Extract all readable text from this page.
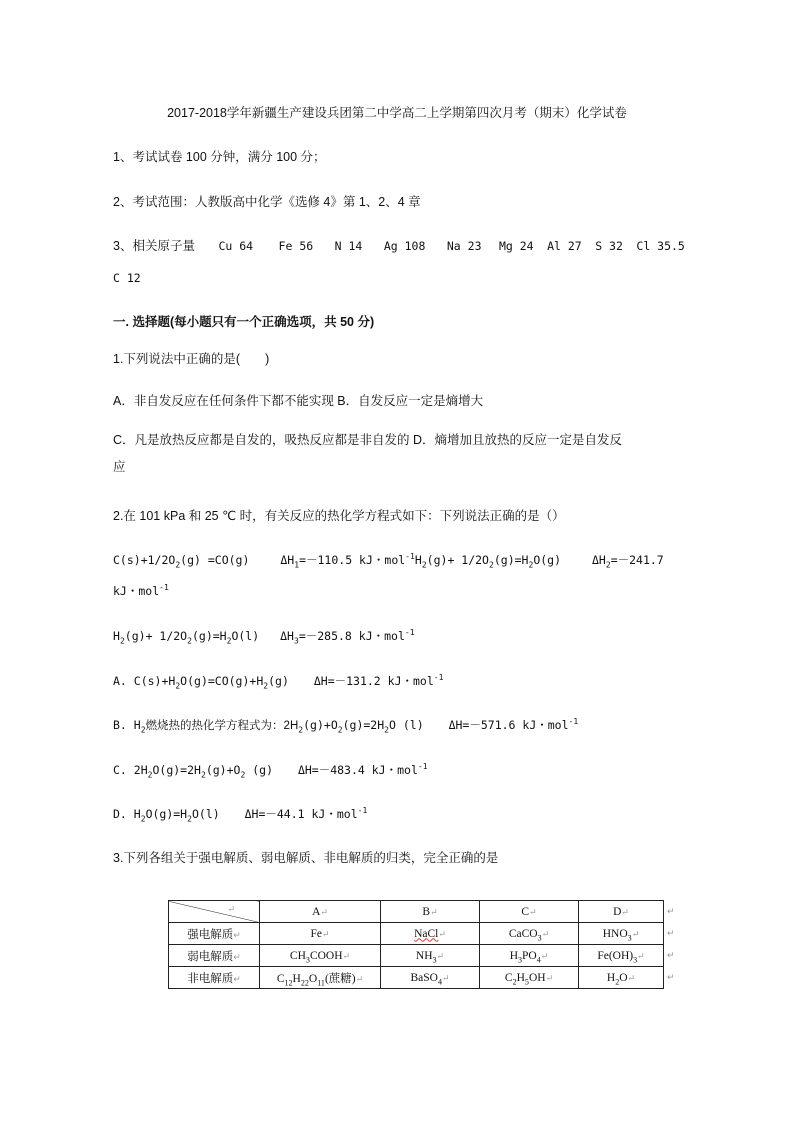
2017-2018学年新疆生产建设兵团第二中学高二上学期第四次月考（期末）化学试卷
1、考试试卷 100 分钟，满分 100 分；
2、考试范围：人教版高中化学《选修 4》第 1、2、4 章
3、相关原子量 Cu 64 Fe 56 N 14 Ag 108 Na 23 Mg 24 Al 27 S 32 Cl 35.5
C 12
一. 选择题(每小题只有一个正确选项，共 50 分)
1.下列说法中正确的是(　　)
A．非自发反应在任何条件下都不能实现 B．自发反应一定是熵增大
C．凡是放热反应都是自发的，吸热反应都是非自发的 D．熵增加且放热的反应一定是自发反
应
2.在 101 kPa 和 25 ℃ 时，有关反应的热化学方程式如下：下列说法正确的是（）
$C(s)+1/2O_2(g) =CO(g)$	$\Delta H_1=-110.5$ kJ・$mol^{-1}H_2(g)+ 1/2O_2(g)=H_2O(g)$	$\Delta H_2=-241.7$
kJ・mol$^{-1}$
$H_2(g)+ 1/2O_2(g)=H_2O(l)$ $\Delta H_3=-285.8$ kJ・mol$^{-1}$
A. $C(s)+H_2O(g)=CO(g)+H_2(g)$ ΔH=－131.2 kJ・mol$^{-1}$
B. $H_2$燃烧热的热化学方程式为：$2H_2(g)+O_2(g)=2H_2O$ (l) ΔH=－571.6 kJ・mol$^{-1}$
C. $2H_2O(g)=2H_2(g)+O_2$ (g) ΔH=－483.4 kJ・mol$^{-1}$
D. $H_2O(g)=H_2O(l)$ ΔH=－44.1 kJ・mol$^{-1}$
3.下列各组关于强电解质、弱电解质、非电解质的归类，完全正确的是
↵	A↵	B↵	C↵	D↵
强电解质↵	Fe↵	NaCl↵	CaCO$_3$↵	$HNO_3↵$
弱电解质↵	$CH_3COOH↵$	$NH_3↵$	$H_3PO_4↵$	$Fe(OH)_3↵$
非电解质↵	$C_{12}H_{22}O_{11}$(蔗糖)↵	BaSO$_4$↵	$C_2H_5OH↵$	$H_2O↵$
↵
↵
↵
↵
